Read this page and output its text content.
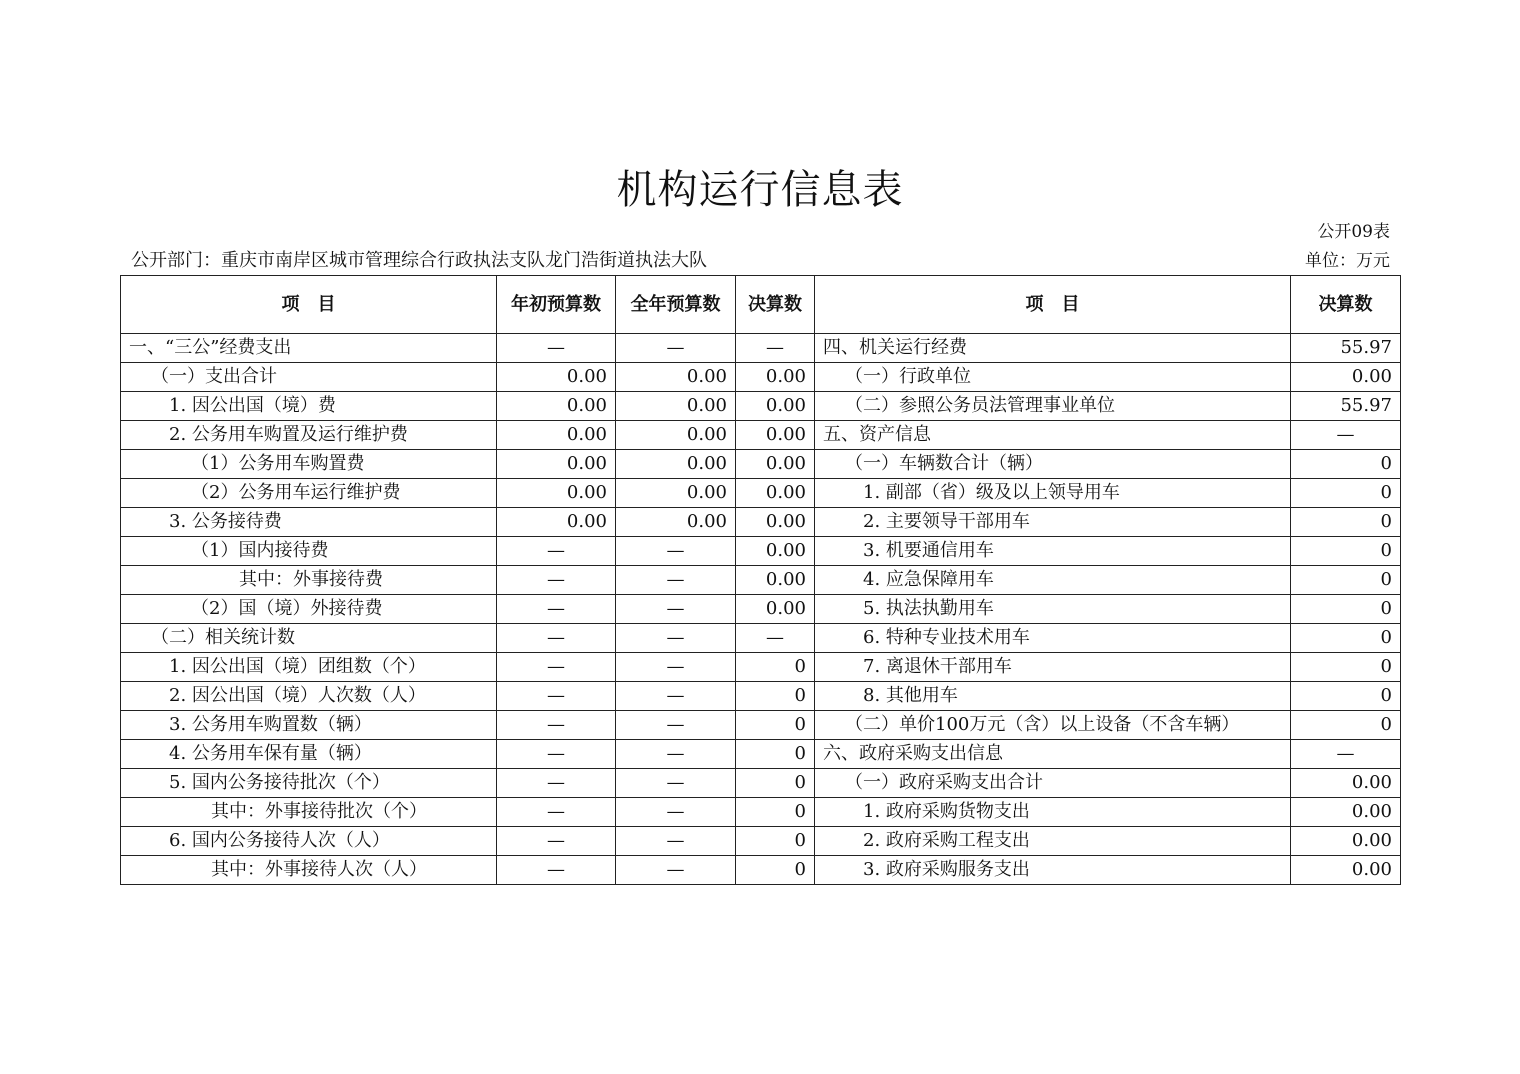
机构运行信息表
公开09表
公开部门：重庆市南岸区城市管理综合行政执法支队龙门浩街道执法大队	单位：万元
项　目	年初预算数	全年预算数	决算数	项　目	决算数
一、“三公”经费支出	—	—	—	四、机关运行经费	55.97
（一）支出合计	0.00	0.00	0.00	（一）行政单位	0.00
1. 因公出国（境）费	0.00	0.00	0.00	（二）参照公务员法管理事业单位	55.97
2. 公务用车购置及运行维护费	0.00	0.00	0.00	五、资产信息	—
（1）公务用车购置费	0.00	0.00	0.00	（一）车辆数合计（辆）	0
（2）公务用车运行维护费	0.00	0.00	0.00	1. 副部（省）级及以上领导用车	0
3. 公务接待费	0.00	0.00	0.00	2. 主要领导干部用车	0
（1）国内接待费	—	—	0.00	3. 机要通信用车	0
其中：外事接待费	—	—	0.00	4. 应急保障用车	0
（2）国（境）外接待费	—	—	0.00	5. 执法执勤用车	0
（二）相关统计数	—	—	—	6. 特种专业技术用车	0
1. 因公出国（境）团组数（个）	—	—	0	7. 离退休干部用车	0
2. 因公出国（境）人次数（人）	—	—	0	8. 其他用车	0
3. 公务用车购置数（辆）	—	—	0	（二）单价100万元（含）以上设备（不含车辆）	0
4. 公务用车保有量（辆）	—	—	0	六、政府采购支出信息	—
5. 国内公务接待批次（个）	—	—	0	（一）政府采购支出合计	0.00
其中：外事接待批次（个）	—	—	0	1. 政府采购货物支出	0.00
6. 国内公务接待人次（人）	—	—	0	2. 政府采购工程支出	0.00
其中：外事接待人次（人）	—	—	0	3. 政府采购服务支出	0.00
